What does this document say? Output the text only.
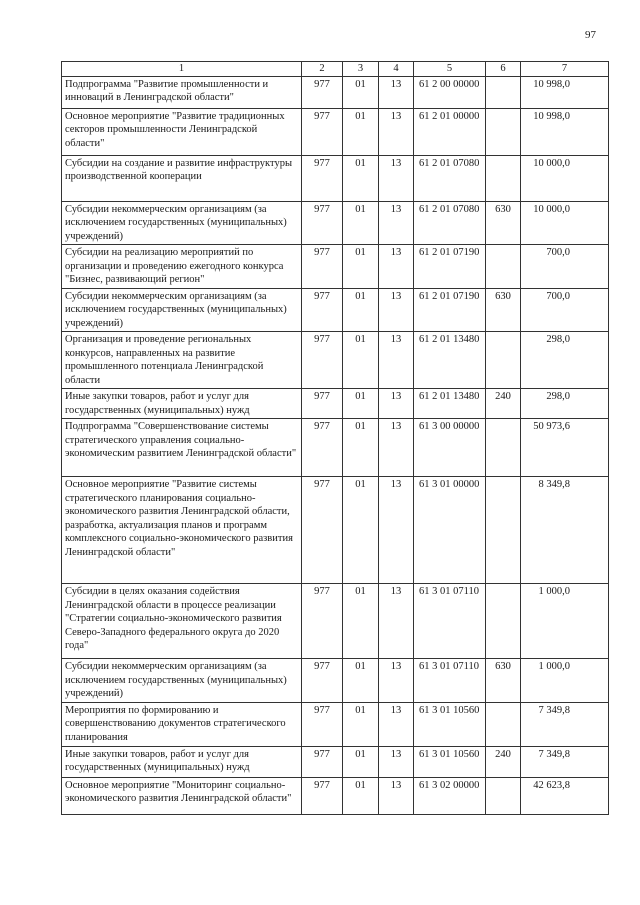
97
1	2	3	4	5	6	7
Подпрограмма "Развитие промышленности и инноваций в Ленинградской области"	977	01	13	61 2 00 00000		10 998,0
Основное мероприятие "Развитие традиционных секторов промышленности Ленинградской области"	977	01	13	61 2 01 00000		10 998,0
Субсидии на создание и развитие инфраструктуры производственной кооперации	977	01	13	61 2 01 07080		10 000,0
Субсидии некоммерческим организациям (за исключением государственных (муниципальных) учреждений)	977	01	13	61 2 01 07080	630	10 000,0
Субсидии на реализацию мероприятий по организации и проведению ежегодного конкурса "Бизнес, развивающий регион"	977	01	13	61 2 01 07190		700,0
Субсидии некоммерческим организациям (за исключением государственных (муниципальных) учреждений)	977	01	13	61 2 01 07190	630	700,0
Организация и проведение региональных конкурсов, направленных на развитие промышленного потенциала Ленинградской области	977	01	13	61 2 01 13480		298,0
Иные закупки товаров, работ и услуг для государственных (муниципальных) нужд	977	01	13	61 2 01 13480	240	298,0
Подпрограмма "Совершенствование системы стратегического управления социально-экономическим развитием Ленинградской области"	977	01	13	61 3 00 00000		50 973,6
Основное мероприятие "Развитие системы стратегического планирования социально-экономического развития Ленинградской области, разработка, актуализация планов и программ комплексного социально-экономического развития Ленинградской области"	977	01	13	61 3 01 00000		8 349,8
Субсидии в целях оказания содействия Ленинградской области в процессе реализации "Стратегии социально-экономического развития Северо-Западного федерального округа до 2020 года"	977	01	13	61 3 01 07110		1 000,0
Субсидии некоммерческим организациям (за исключением государственных (муниципальных) учреждений)	977	01	13	61 3 01 07110	630	1 000,0
Мероприятия по формированию и совершенствованию документов стратегического планирования	977	01	13	61 3 01 10560		7 349,8
Иные закупки товаров, работ и услуг для государственных (муниципальных) нужд	977	01	13	61 3 01 10560	240	7 349,8
Основное мероприятие "Мониторинг социально-экономического развития Ленинградской области"	977	01	13	61 3 02 00000		42 623,8
